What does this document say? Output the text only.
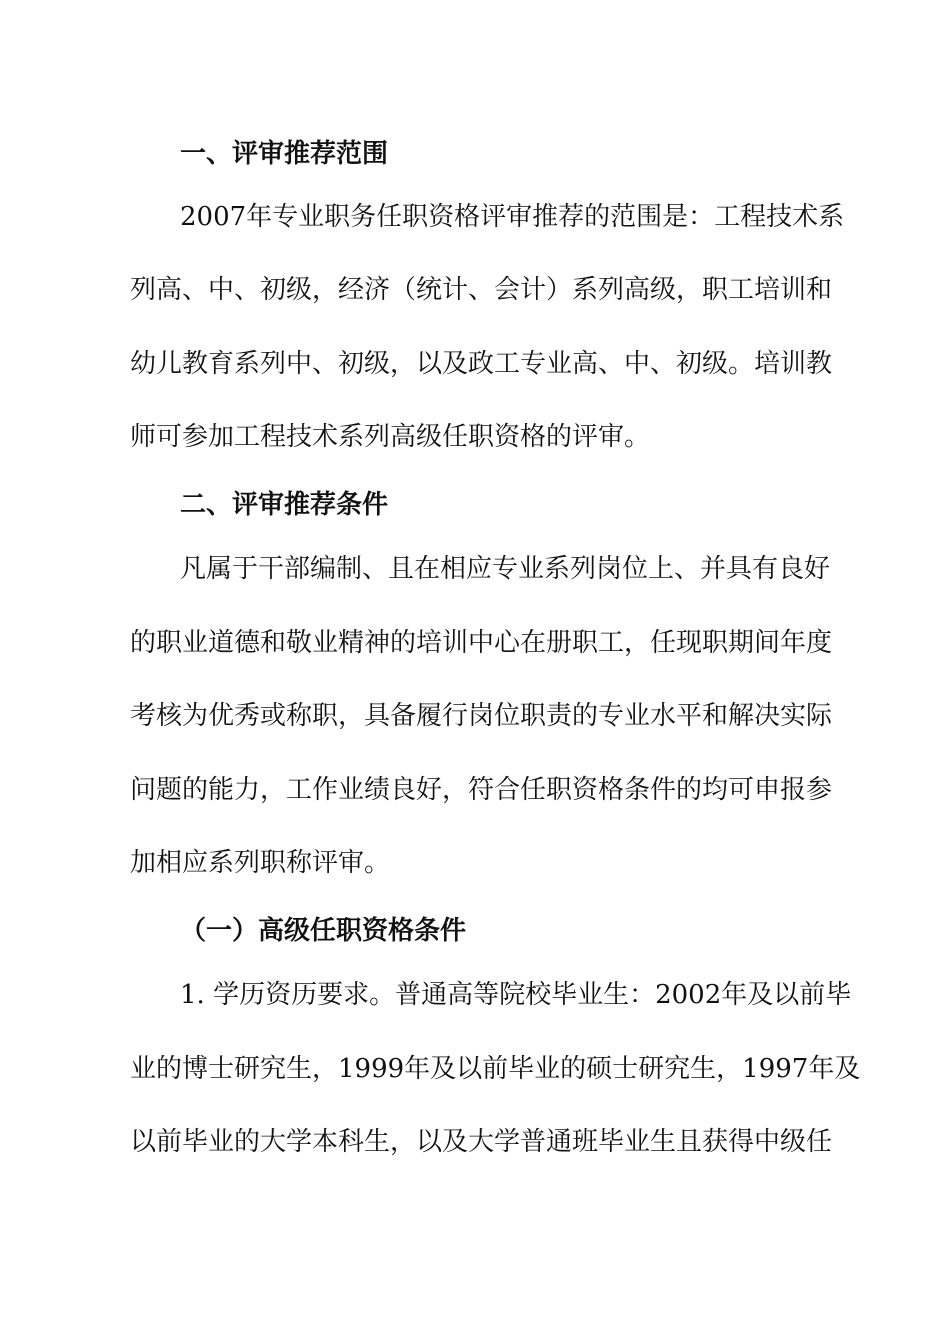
一、评审推荐范围
2007年专业职务任职资格评审推荐的范围是：工程技术系
列高、中、初级，经济（统计、会计）系列高级，职工培训和
幼儿教育系列中、初级，以及政工专业高、中、初级。培训教
师可参加工程技术系列高级任职资格的评审。
二、评审推荐条件
凡属于干部编制、且在相应专业系列岗位上、并具有良好
的职业道德和敬业精神的培训中心在册职工，任现职期间年度
考核为优秀或称职，具备履行岗位职责的专业水平和解决实际
问题的能力，工作业绩良好，符合任职资格条件的均可申报参
加相应系列职称评审。
（一）高级任职资格条件
1. 学历资历要求。普通高等院校毕业生：2002年及以前毕
业的博士研究生，1999年及以前毕业的硕士研究生，1997年及
以前毕业的大学本科生，以及大学普通班毕业生且获得中级任
